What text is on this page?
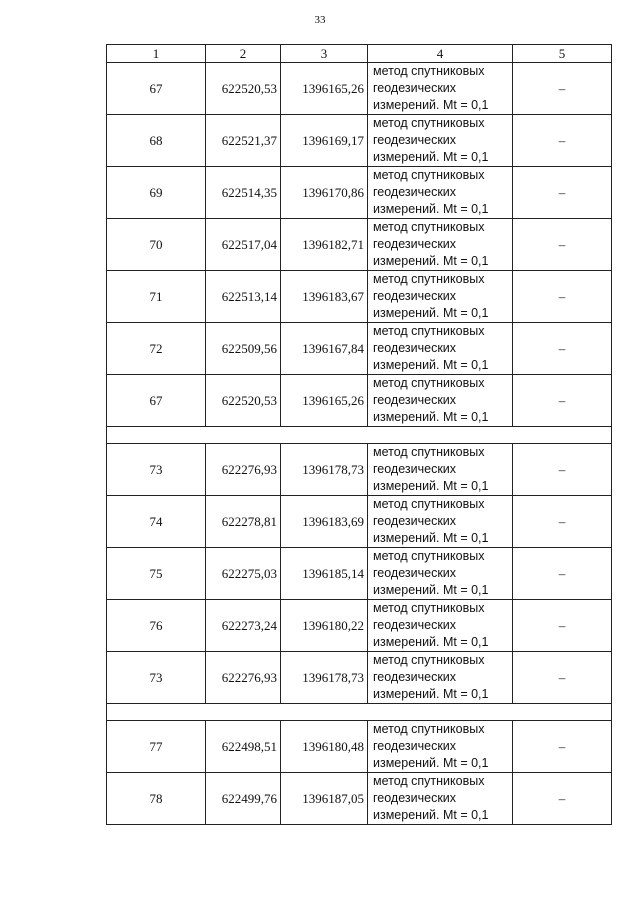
33
1	2	3	4	5
67	622520,53	1396165,26	метод спутниковых
геодезических
измерений. Mt = 0,1	–
68	622521,37	1396169,17	метод спутниковых
геодезических
измерений. Mt = 0,1	–
69	622514,35	1396170,86	метод спутниковых
геодезических
измерений. Mt = 0,1	–
70	622517,04	1396182,71	метод спутниковых
геодезических
измерений. Mt = 0,1	–
71	622513,14	1396183,67	метод спутниковых
геодезических
измерений. Mt = 0,1	–
72	622509,56	1396167,84	метод спутниковых
геодезических
измерений. Mt = 0,1	–
67	622520,53	1396165,26	метод спутниковых
геодезических
измерений. Mt = 0,1	–

73	622276,93	1396178,73	метод спутниковых
геодезических
измерений. Mt = 0,1	–
74	622278,81	1396183,69	метод спутниковых
геодезических
измерений. Mt = 0,1	–
75	622275,03	1396185,14	метод спутниковых
геодезических
измерений. Mt = 0,1	–
76	622273,24	1396180,22	метод спутниковых
геодезических
измерений. Mt = 0,1	–
73	622276,93	1396178,73	метод спутниковых
геодезических
измерений. Mt = 0,1	–

77	622498,51	1396180,48	метод спутниковых
геодезических
измерений. Mt = 0,1	–
78	622499,76	1396187,05	метод спутниковых
геодезических
измерений. Mt = 0,1	–
